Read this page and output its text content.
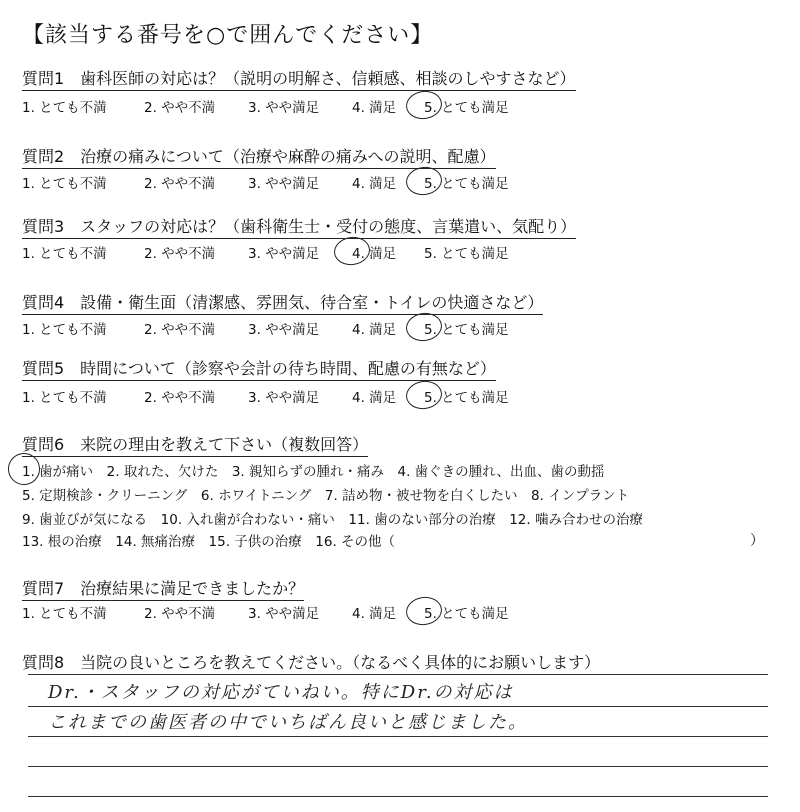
【該当する番号を○で囲んでください】
質問1　歯科医師の対応は？（説明の明解さ、信頼感、相談のしやすさなど）
1. とても不満	2. やや不満 3. やや満足 4. 満足 5. とても満足
質問2　治療の痛みについて（治療や麻酔の痛みへの説明、配慮）
1. とても不満	2. やや不満 3. やや満足 4. 満足 5. とても満足
質問3　スタッフの対応は？（歯科衛生士・受付の態度、言葉遣い、気配り）
1. とても不満	2. やや不満 3. やや満足 4. 満足 5. とても満足
質問4　設備・衛生面（清潔感、雰囲気、待合室・トイレの快適さなど）
1. とても不満	2. やや不満 3. やや満足 4. 満足 5. とても満足
質問5　時間について（診察や会計の待ち時間、配慮の有無など）
1. とても不満	2. やや不満 3. やや満足 4. 満足 5. とても満足
質問6　来院の理由を教えて下さい（複数回答）
1. 歯が痛い　2. 取れた、欠けた　3. 親知らずの腫れ・痛み　4. 歯ぐきの腫れ、出血、歯の動揺
5. 定期検診・クリーニング　6. ホワイトニング　7. 詰め物・被せ物を白くしたい　8. インプラント
9. 歯並びが気になる　10. 入れ歯が合わない・痛い　11. 歯のない部分の治療　12. 噛み合わせの治療
13. 根の治療　14. 無痛治療　15. 子供の治療　16. その他（	）
質問7　治療結果に満足できましたか？
1. とても不満	2. やや不満 3. やや満足 4. 満足 5. とても満足
質問8　当院の良いところを教えてください。（なるべく具体的にお願いします）
Dr.・スタッフの対応がていねい。特にDr.の対応は
これまでの歯医者の中でいちばん良いと感じました。
